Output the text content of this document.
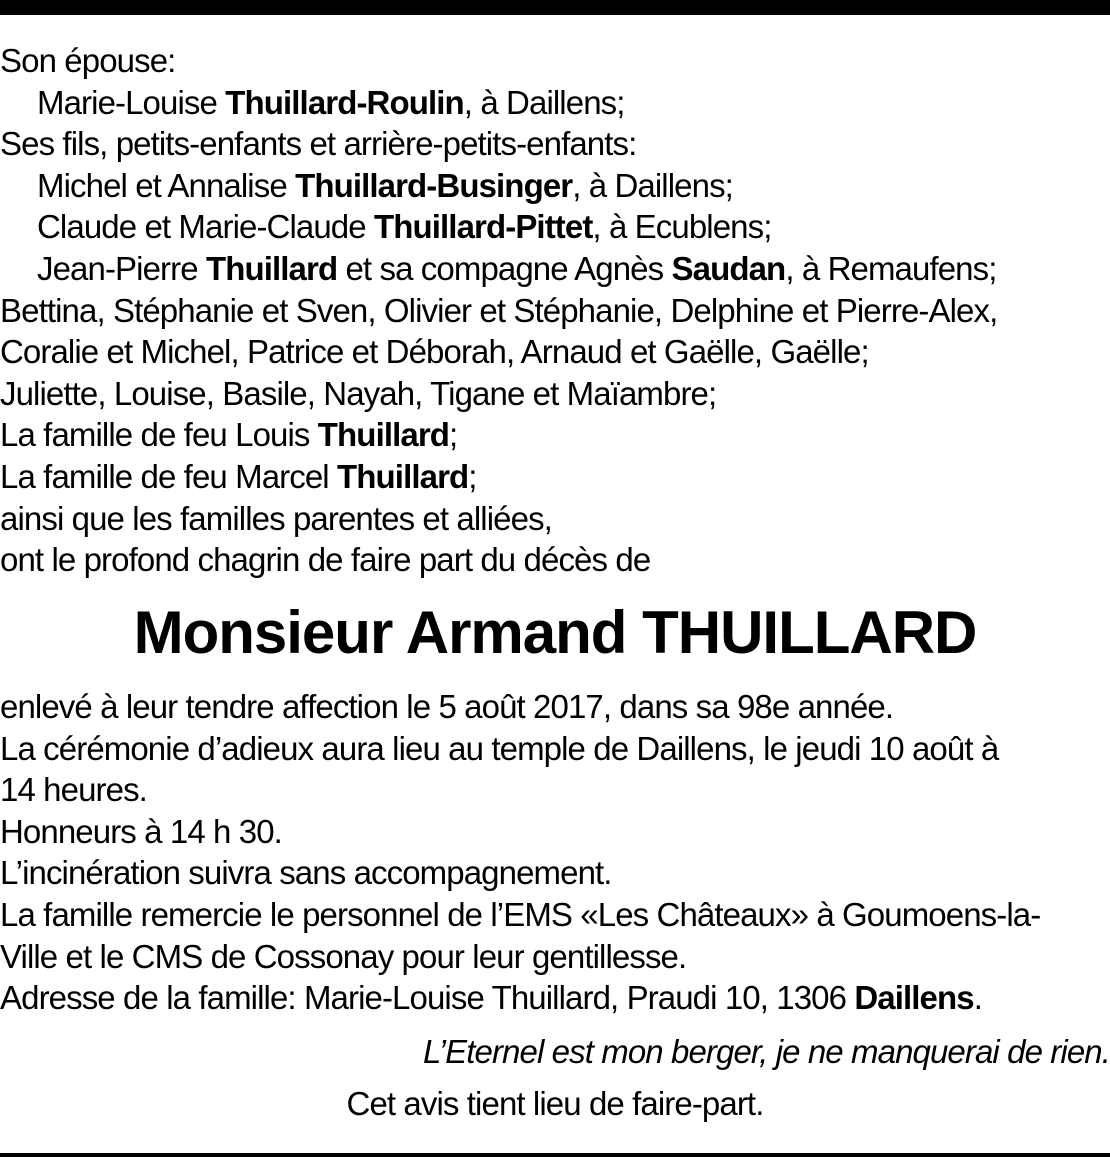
Son épouse:
Marie-Louise Thuillard-Roulin, à Daillens;
Ses fils, petits-enfants et arrière-petits-enfants:
Michel et Annalise Thuillard-Businger, à Daillens;
Claude et Marie-Claude Thuillard-Pittet, à Ecublens;
Jean-Pierre Thuillard et sa compagne Agnès Saudan, à Remaufens;
Bettina, Stéphanie et Sven, Olivier et Stéphanie, Delphine et Pierre-Alex,
Coralie et Michel, Patrice et Déborah, Arnaud et Gaëlle, Gaëlle;
Juliette, Louise, Basile, Nayah, Tigane et Maïambre;
La famille de feu Louis Thuillard;
La famille de feu Marcel Thuillard;
ainsi que les familles parentes et alliées,
ont le profond chagrin de faire part du décès de
Monsieur Armand THUILLARD
enlevé à leur tendre affection le 5 août 2017, dans sa 98e année.
La cérémonie d’adieux aura lieu au temple de Daillens, le jeudi 10 août à
14 heures.
Honneurs à 14 h 30.
L’incinération suivra sans accompagnement.
La famille remercie le personnel de l’EMS «Les Châteaux» à Goumoens-la-
Ville et le CMS de Cossonay pour leur gentillesse.
Adresse de la famille: Marie-Louise Thuillard, Praudi 10, 1306 Daillens.
L’Eternel est mon berger, je ne manquerai de rien.
Cet avis tient lieu de faire-part.
